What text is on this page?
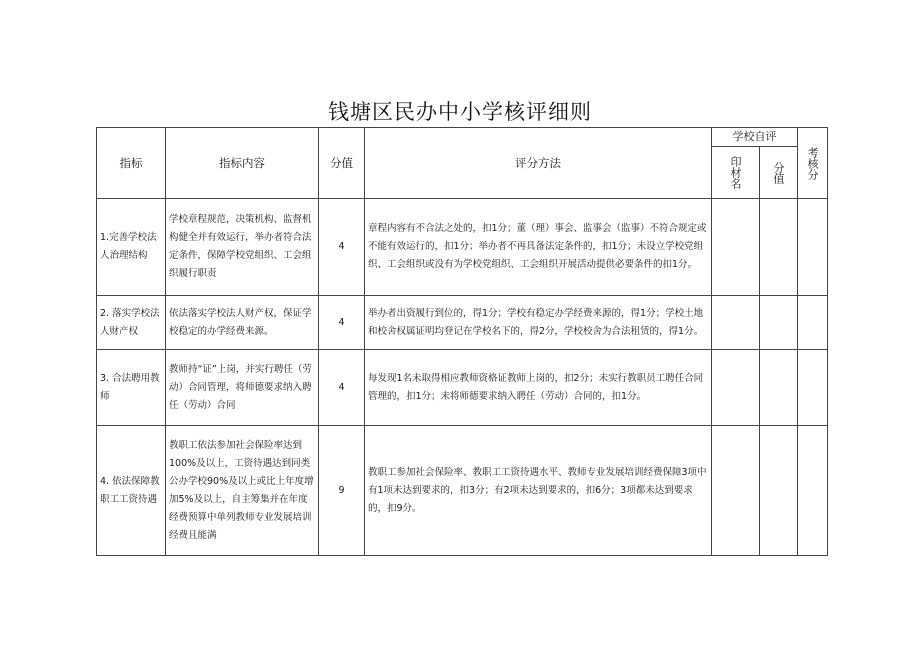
钱塘区民办中小学核评细则
指标	指标内容	分值	评分方法	学校自评		考核分

				印材名	分值	

1.完善学校法人治理结构	学校章程规范，决策机构、监督机构健全并有效运行，举办者符合法定条件，保障学校党组织、工会组织履行职责	4	章程内容有不合法之处的，扣1分；董（理）事会、监事会（监事）不符合规定或不能有效运行的，扣1分；举办者不再具备法定条件的，扣1分；未设立学校党组织、工会组织或没有为学校党组织、工会组织开展活动提供必要条件的扣1分。			
2. 落实学校法人财产权	依法落实学校法人财产权，保证学校稳定的办学经费来源。	4	举办者出资履行到位的，得1分；学校有稳定办学经费来源的，得1分；学校土地和校舍权属证明均登记在学校名下的，得2分，学校校舍为合法租赁的，得1分。			
3. 合法聘用教师	教师持“证”上岗，并实行聘任（劳动）合同管理，将师德要求纳入聘任（劳动）合同	4	每发现1名未取得相应教师资格证教师上岗的，扣2分；未实行教职员工聘任合同管理的，扣1分；未将师德要求纳入聘任（劳动）合同的，扣1分。			
4. 依法保障教职工工资待遇	教职工依法参加社会保险率达到100%及以上，工资待遇达到同类公办学校90%及以上或比上年度增加5%及以上，自主筹集并在年度经费预算中单列教师专业发展培训经费且能满	9	教职工参加社会保险率、教职工工资待遇水平、教师专业发展培训经费保障3项中有1项未达到要求的，扣3分；有2项未达到要求的，扣6分；3项都未达到要求的，扣9分。			
